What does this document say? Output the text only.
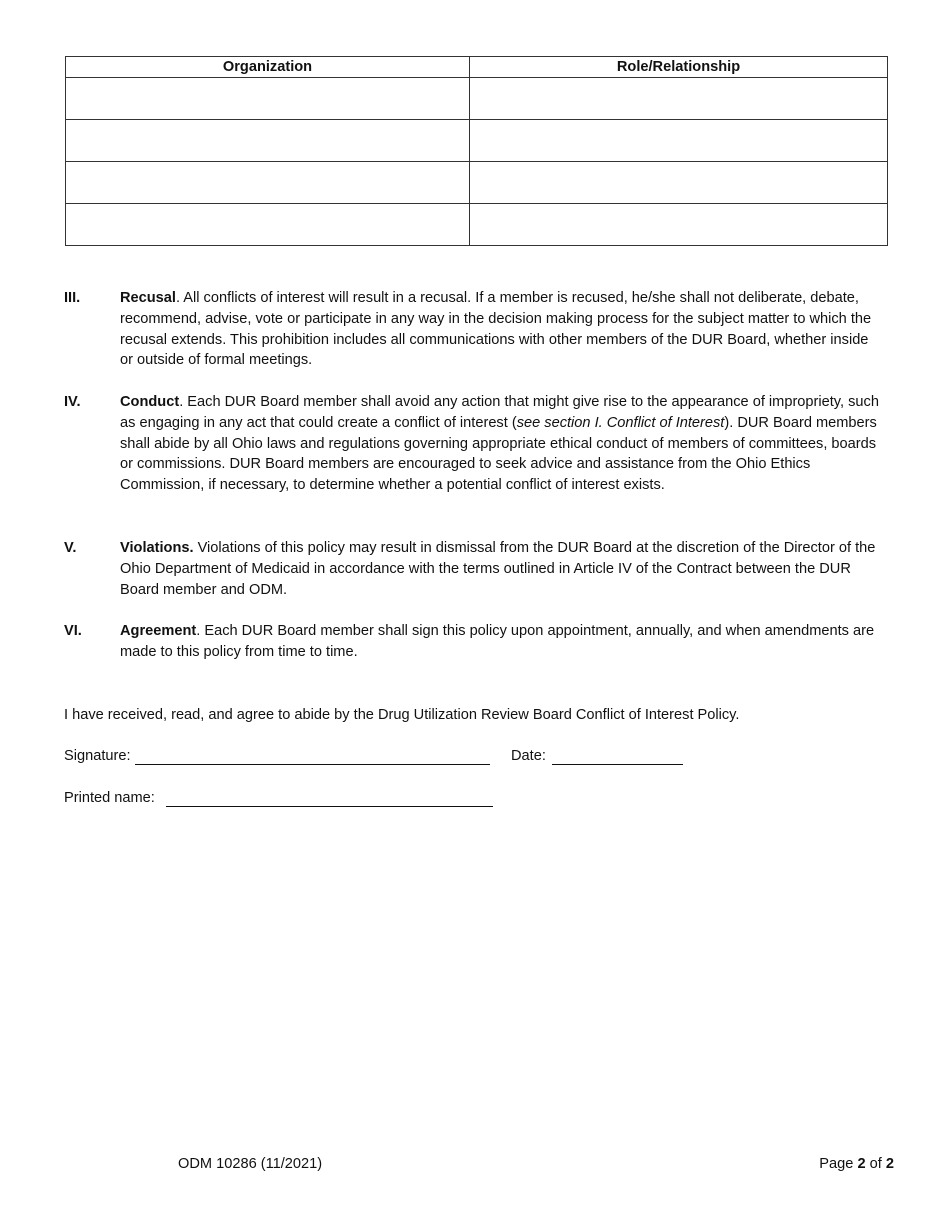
Organization	Role/Relationship

III.	Recusal. All conflicts of interest will result in a recusal. If a member is recused, he/she shall not deliberate, debate, recommend, advise, vote or participate in any way in the decision making process for the subject matter to which the recusal extends. This prohibition includes all communications with other members of the DUR Board, whether inside or outside of formal meetings.
IV.	Conduct. Each DUR Board member shall avoid any action that might give rise to the appearance of impropriety, such as engaging in any act that could create a conflict of interest (see section I. Conflict of Interest). DUR Board members shall abide by all Ohio laws and regulations governing appropriate ethical conduct of members of committees, boards or commissions. DUR Board members are encouraged to seek advice and assistance from the Ohio Ethics Commission, if necessary, to determine whether a potential conflict of interest exists.
V.	Violations. Violations of this policy may result in dismissal from the DUR Board at the discretion of the Director of the Ohio Department of Medicaid in accordance with the terms outlined in Article IV of the Contract between the DUR Board member and ODM.
VI.	Agreement. Each DUR Board member shall sign this policy upon appointment, annually, and when amendments are made to this policy from time to time.
I have received, read, and agree to abide by the Drug Utilization Review Board Conflict of Interest Policy.
Signature:	Date:
Printed name:
ODM 10286 (11/2021)	Page 2 of 2
